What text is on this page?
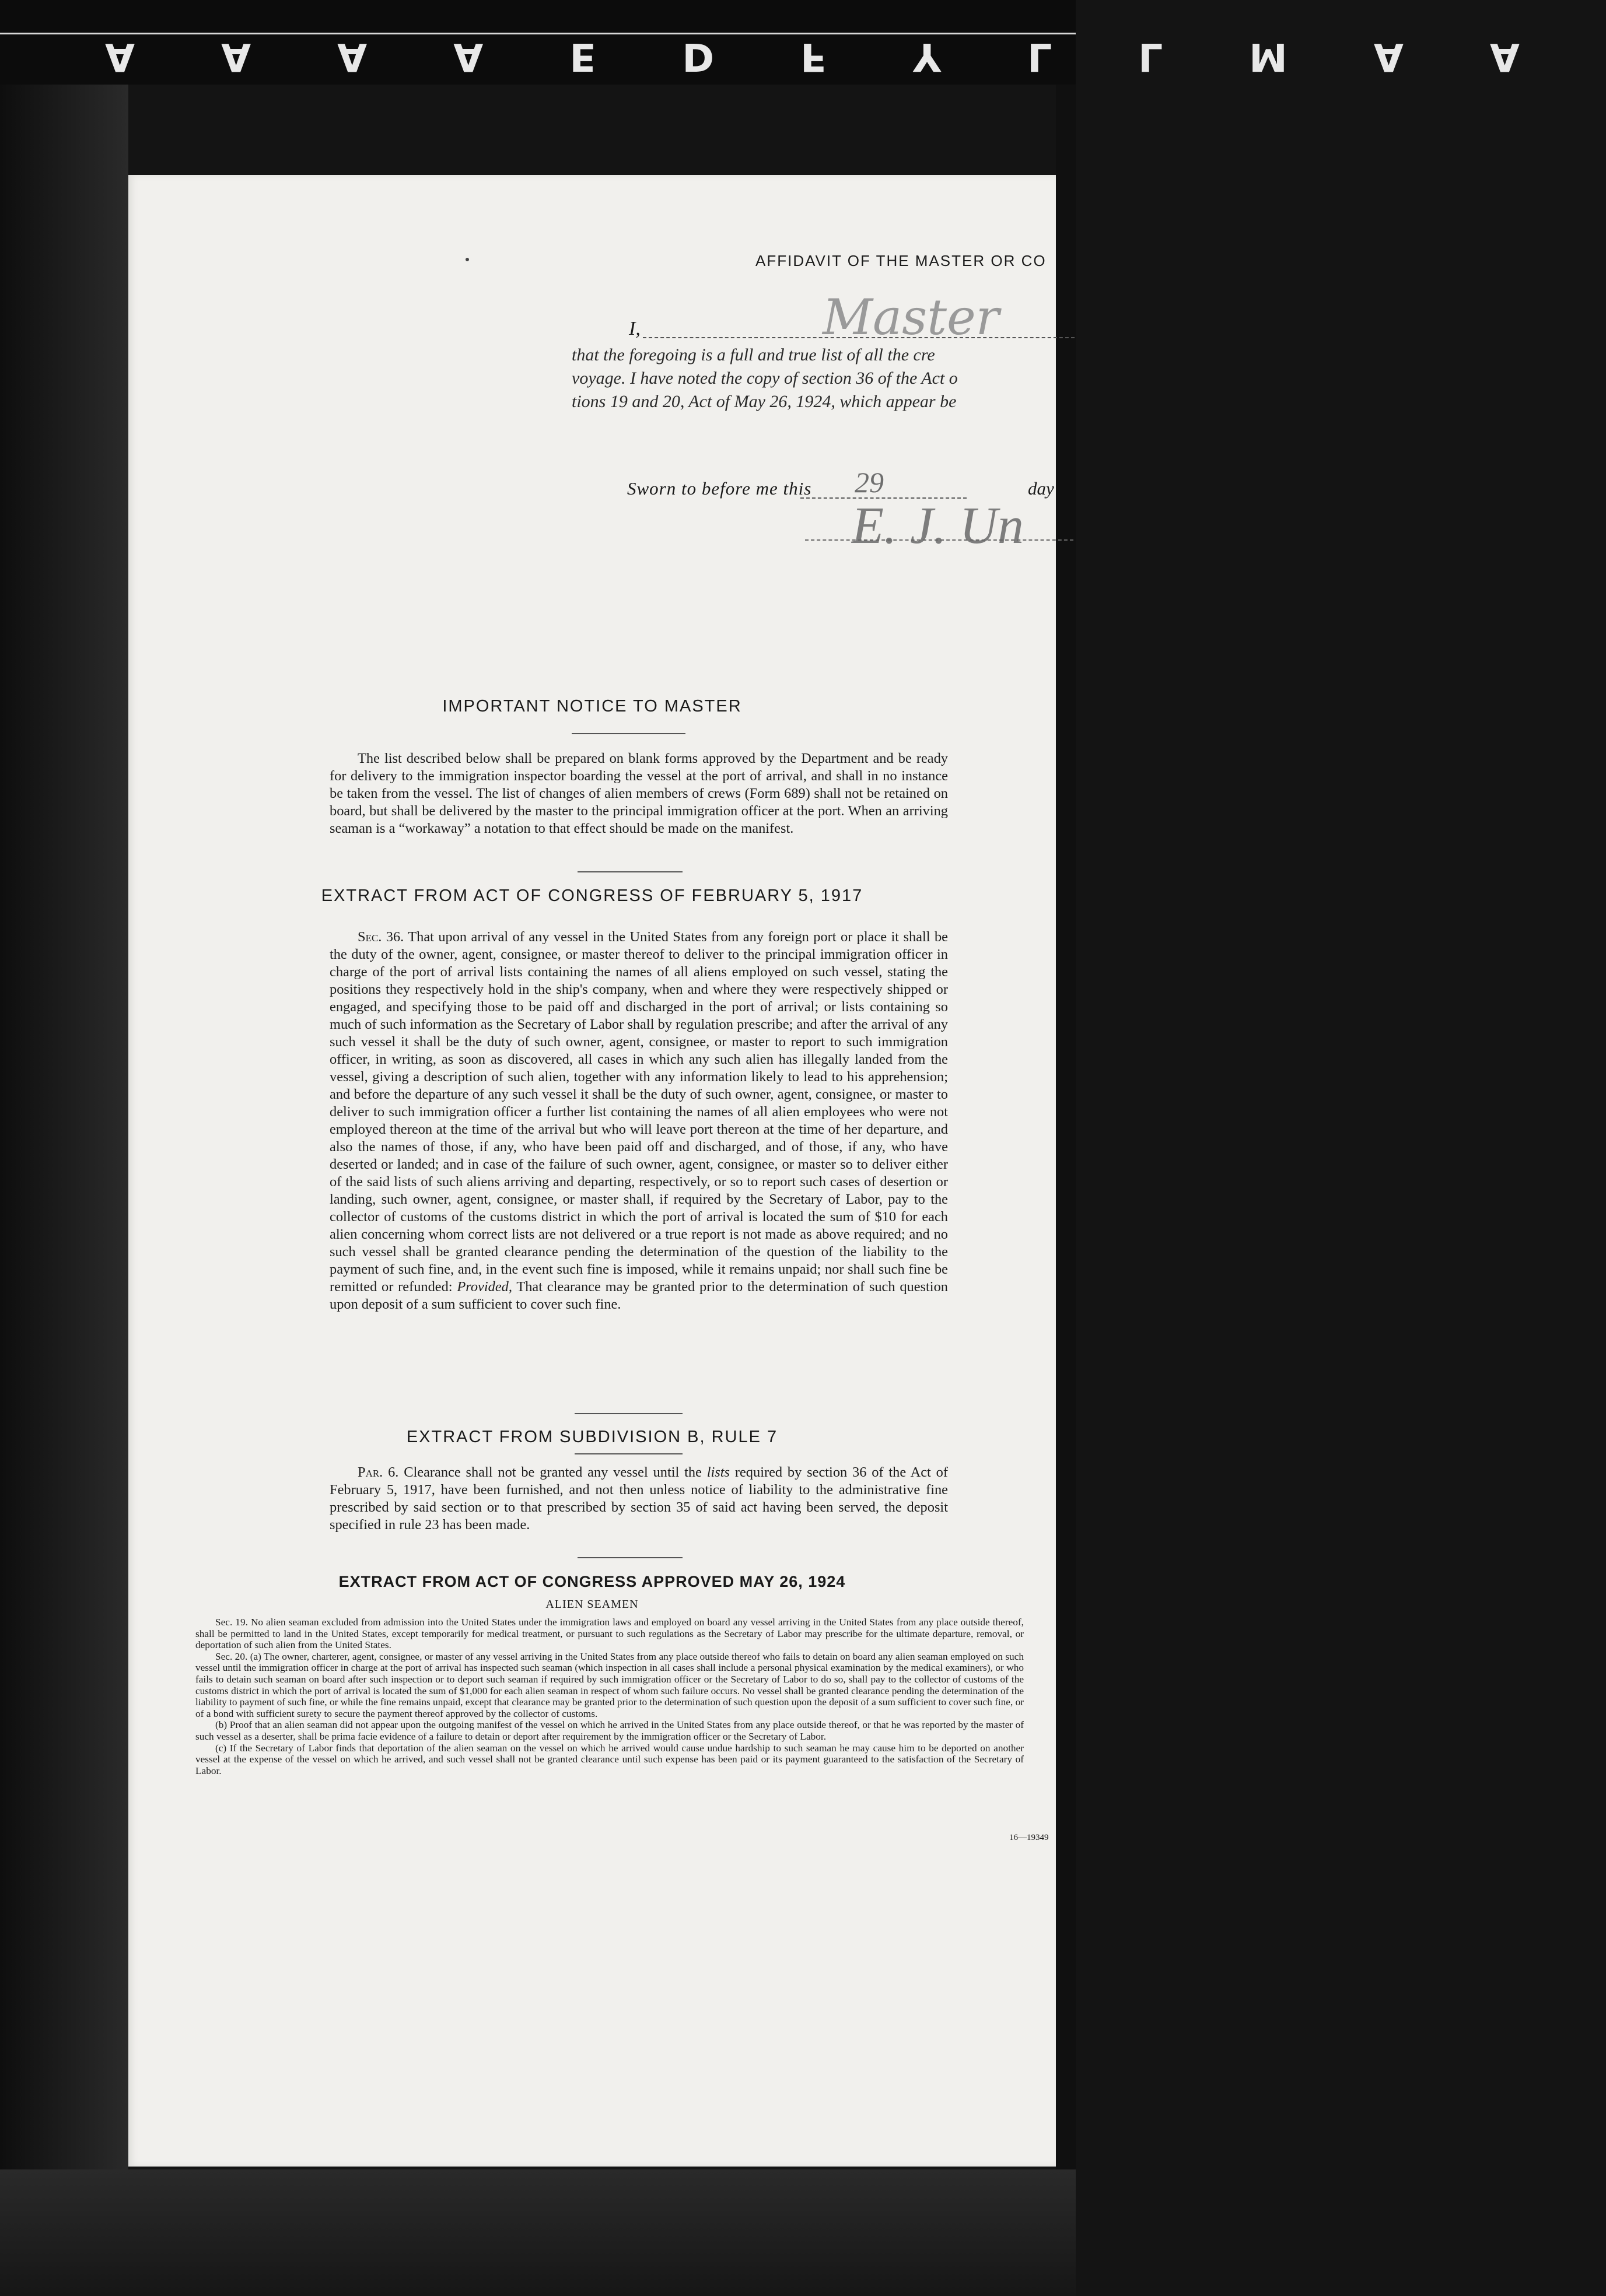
AAAAEDFYLLMAA
AFFIDAVIT OF THE MASTER OR CO
I,	Master
that the foregoing is a full and true list of all the cre
voyage. I have noted the copy of section 36 of the Act o
tions 19 and 20, Act of May 26, 1924, which appear be
Sworn to before me this 29	day
E. J. Un
IMPORTANT NOTICE TO MASTER

The list described below shall be prepared on blank forms approved by the Department and be ready for delivery to the immigration inspector boarding the vessel at the port of arrival, and shall in no instance be taken from the vessel. The list of changes of alien members of crews (Form 689) shall not be retained on board, but shall be delivered by the master to the principal immigration officer at the port. When an arriving seaman is a “workaway” a notation to that effect should be made on the manifest.

EXTRACT FROM ACT OF CONGRESS OF FEBRUARY 5, 1917

Sec. 36. That upon arrival of any vessel in the United States from any foreign port or place it shall be the duty of the owner, agent, consignee, or master thereof to deliver to the principal immigration officer in charge of the port of arrival lists containing the names of all aliens employed on such vessel, stating the positions they respectively hold in the ship's company, when and where they were respectively shipped or engaged, and specifying those to be paid off and discharged in the port of arrival; or lists containing so much of such information as the Secretary of Labor shall by regulation prescribe; and after the arrival of any such vessel it shall be the duty of such owner, agent, consignee, or master to report to such immigration officer, in writing, as soon as discovered, all cases in which any such alien has illegally landed from the vessel, giving a description of such alien, together with any information likely to lead to his apprehension; and before the departure of any such vessel it shall be the duty of such owner, agent, consignee, or master to deliver to such immigration officer a further list containing the names of all alien employees who were not employed thereon at the time of the arrival but who will leave port thereon at the time of her departure, and also the names of those, if any, who have been paid off and discharged, and of those, if any, who have deserted or landed; and in case of the failure of such owner, agent, consignee, or master so to deliver either of the said lists of such aliens arriving and departing, respectively, or so to report such cases of desertion or landing, such owner, agent, consignee, or master shall, if required by the Secretary of Labor, pay to the collector of customs of the customs district in which the port of arrival is located the sum of $10 for each alien concerning whom correct lists are not delivered or a true report is not made as above required; and no such vessel shall be granted clearance pending the determination of the question of the liability to the payment of such fine, and, in the event such fine is imposed, while it remains unpaid; nor shall such fine be remitted or refunded: Provided, That clearance may be granted prior to the determination of such question upon deposit of a sum sufficient to cover such fine.

EXTRACT FROM SUBDIVISION B, RULE 7

Par. 6. Clearance shall not be granted any vessel until the lists required by section 36 of the Act of February 5, 1917, have been furnished, and not then unless notice of liability to the administrative fine prescribed by said section or to that prescribed by section 35 of said act having been served, the deposit specified in rule 23 has been made.

EXTRACT FROM ACT OF CONGRESS APPROVED MAY 26, 1924
ALIEN SEAMEN

Sec. 19. No alien seaman excluded from admission into the United States under the immigration laws and employed on board any vessel arriving in the United States from any place outside thereof, shall be permitted to land in the United States, except temporarily for medical treatment, or pursuant to such regulations as the Secretary of Labor may prescribe for the ultimate departure, removal, or deportation of such alien from the United States.

Sec. 20. (a) The owner, charterer, agent, consignee, or master of any vessel arriving in the United States from any place outside thereof who fails to detain on board any alien seaman employed on such vessel until the immigration officer in charge at the port of arrival has inspected such seaman (which inspection in all cases shall include a personal physical examination by the medical examiners), or who fails to detain such seaman on board after such inspection or to deport such seaman if required by such immigration officer or the Secretary of Labor to do so, shall pay to the collector of customs of the customs district in which the port of arrival is located the sum of $1,000 for each alien seaman in respect of whom such failure occurs. No vessel shall be granted clearance pending the determination of the liability to payment of such fine, or while the fine remains unpaid, except that clearance may be granted prior to the determination of such question upon the deposit of a sum sufficient to cover such fine, or of a bond with sufficient surety to secure the payment thereof approved by the collector of customs.

(b) Proof that an alien seaman did not appear upon the outgoing manifest of the vessel on which he arrived in the United States from any place outside thereof, or that he was reported by the master of such vessel as a deserter, shall be prima facie evidence of a failure to detain or deport after requirement by the immigration officer or the Secretary of Labor.

(c) If the Secretary of Labor finds that deportation of the alien seaman on the vessel on which he arrived would cause undue hardship to such seaman he may cause him to be deported on another vessel at the expense of the vessel on which he arrived, and such vessel shall not be granted clearance until such expense has been paid or its payment guaranteed to the satisfaction of the Secretary of Labor.

16—19349
